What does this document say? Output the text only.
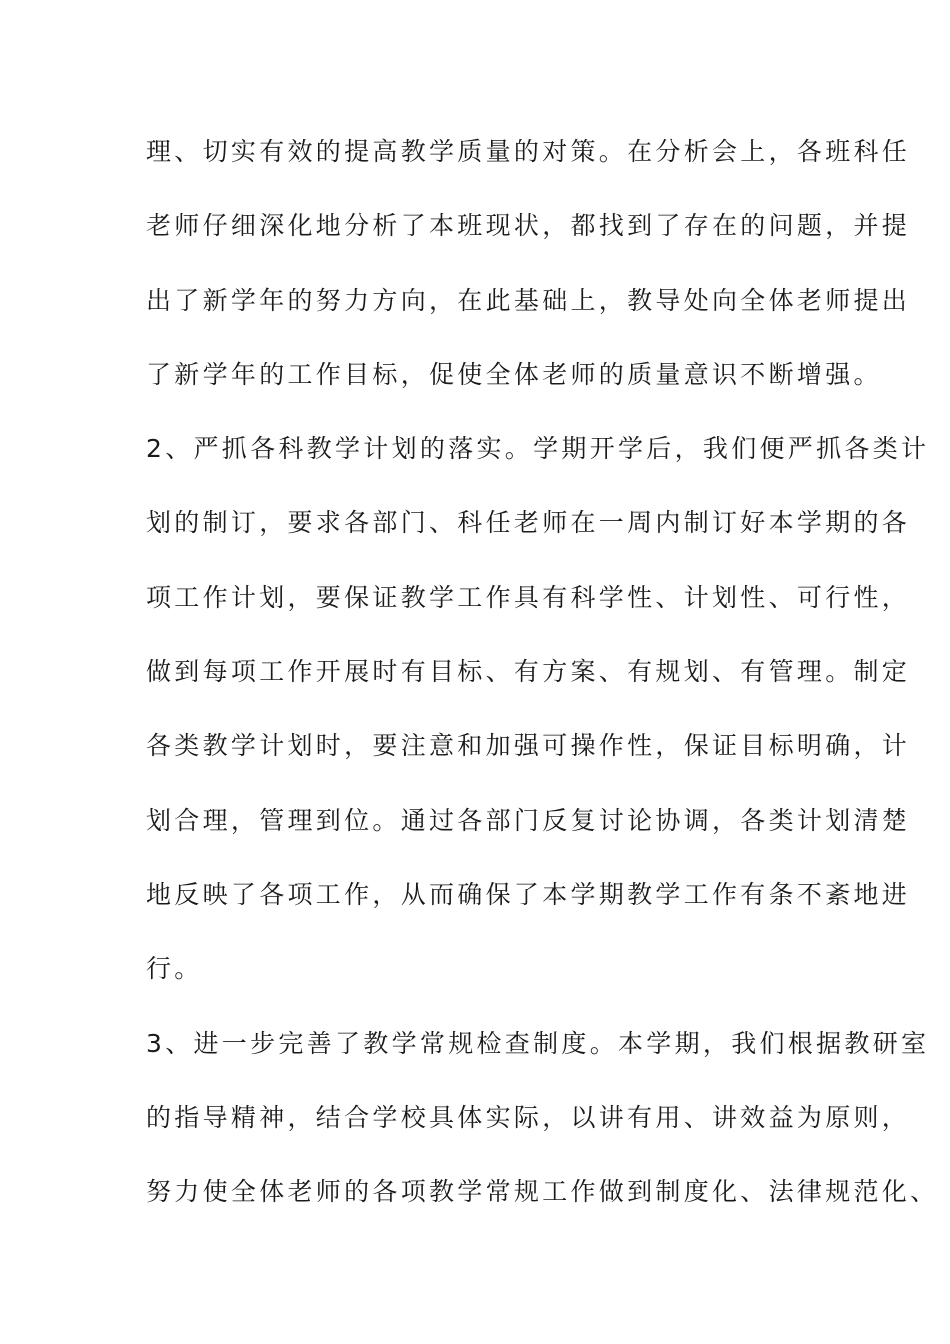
理、切实有效的提高教学质量的对策。在分析会上，各班科任
老师仔细深化地分析了本班现状，都找到了存在的问题，并提
出了新学年的努力方向，在此基础上，教导处向全体老师提出
了新学年的工作目标，促使全体老师的质量意识不断增强。
2、严抓各科教学计划的落实。学期开学后，我们便严抓各类计
划的制订，要求各部门、科任老师在一周内制订好本学期的各
项工作计划，要保证教学工作具有科学性、计划性、可行性，
做到每项工作开展时有目标、有方案、有规划、有管理。制定
各类教学计划时，要注意和加强可操作性，保证目标明确，计
划合理，管理到位。通过各部门反复讨论协调，各类计划清楚
地反映了各项工作，从而确保了本学期教学工作有条不紊地进
行。
3、进一步完善了教学常规检查制度。本学期，我们根据教研室
的指导精神，结合学校具体实际，以讲有用、讲效益为原则，
努力使全体老师的各项教学常规工作做到制度化、法律规范化、
